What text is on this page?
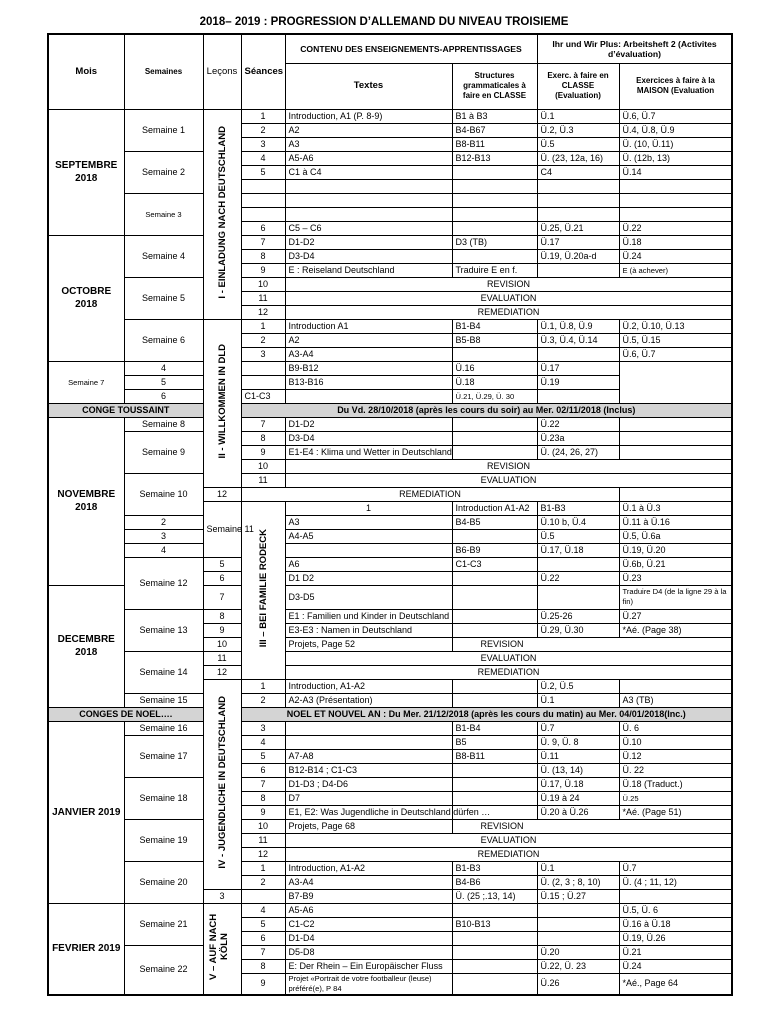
2018– 2019 : PROGRESSION D’ALLEMAND DU NIVEAU TROISIEME
Mois	Semaines	Leçons	Séances	CONTENU DES ENSEIGNEMENTS-APPRENTISSAGES		Ihr und Wir Plus: Arbeitsheft 2 (Activites d’évaluation)		
				Textes	Structures grammaticales à faire en CLASSE	Exerc. à faire en CLASSE (Evaluation)	Exercices à faire à la MAISON (Evaluation	
SEPTEMBRE 2018	Semaine 1	I - EINLADUNG NACH DEUTSCHLAND	1	Introduction, A1 (P. 8-9)	B1 à B3	Ü.1	Ü.6, Ü.7	
			2	A2	B4-B67	Ü.2, Ü.3	Ü.4, Ü.8, Ü.9	
			3	A3	B8-B11	Ü.5	Ü. (10, Ü.11)	
	Semaine 2		4	A5-A6	B12-B13	Ü. (23, 12a, 16)	Ü. (12b, 13)	
			5	C1 à C4		C4	Ü.14	

	Semaine 3							

			6	C5 – C6		Ü.25, Ü.21	Ü.22	
OCTOBRE 2018	Semaine 4		7	D1-D2	D3 (TB)	Ü.17	Ü.18	
			8	D3-D4		Ü.19, Ü.20a-d	Ü.24	
			9	E : Reiseland Deutschland	Traduire E en f.		E (à achever)	
	Semaine 5		10	REVISION				
			11	EVALUATION				
			12	REMEDIATION				
	Semaine 6	II - WILLKOMMEN IN DLD	1	Introduction A1	B1-B4	Ü.1, Ü.8, Ü.9	Ü.2, Ü.10, Ü.13	
			2	A2	B5-B8	Ü.3, Ü.4, Ü.14	Ü.5, Ü.15	
			3	A3-A4			Ü.6, Ü.7	
Semaine 7	4			B9-B12	Ü.16	Ü.17		
	5			B13-B16	Ü.18	Ü.19		
	6		C1-C3		Ü.21, Ü.29, Ü. 30			
CONGE TOUSSAINT			Du Vd. 28/10/2018 (après les cours du soir) au Mer. 02/11/2018 (Inclus)					
NOVEMBRE 2018	Semaine 8		7	D1-D2		Ü.22		
	Semaine 9		8	D3-D4		Ü.23a		
			9	E1-E4 : Klima und Wetter in Deutschland		Ü. (24, 26, 27)		
			10	REVISION				
	Semaine 10		11	EVALUATION				
		12	REMEDIATION					
		Semaine 11	III – BEI FAMILIE RODECK	1	Introduction A1-A2	B1-B3	Ü.1 à Ü.3	
	2			A3	B4-B5	Ü.10 b, Ü.4	Ü.11 à Ü.16	
	3			A4-A5		Ü.5	Ü.5, Ü.6a	
	4				B6-B9	Ü.17, Ü.18	Ü.19, Ü.20	
	Semaine 12	5		A6	C1-C3		Ü.6b, Ü.21	
		6		D1 D2		Ü.22	Ü.23	
DECEMBRE 2018		7		D3-D5			Traduire D4 (de la ligne 29 à la fin)	
	Semaine 13	8		E1 : Familien und Kinder in Deutschland		Ü.25-26	Ü.27	
		9		E3-E3 : Namen in Deutschland		Ü.29, Ü.30	*Aé. (Page 38)	
		10		Projets, Page 52	REVISION			
	Semaine 14	11		EVALUATION				
		12		REMEDIATION				
		IV - JUGENDLICHE IN DEUTSCHLAND	1	Introduction, A1-A2		Ü.2, Ü.5		
	Semaine 15		2	A2-A3 (Présentation)		Ü.1	A3 (TB)	
CONGES DE NOEL….			NOEL ET NOUVEL AN : Du Mer. 21/12/2018 (après les cours du matin) au Mer. 04/01/2018(Inc.)					
JANVIER 2019	Semaine 16		3		B1-B4	Ü.7	Ü. 6	
	Semaine 17		4		B5	Ü. 9, Ü. 8	Ü.10	
			5	A7-A8	B8-B11	Ü.11	Ü.12	
			6	B12-B14 ; C1-C3		Ü. (13, 14)	Ü. 22	
	Semaine 18		7	D1-D3 ; D4-D6		Ü.17, Ü.18	Ü.18 (Traduct.)	
			8	D7		Ü.19 à 24	Ü.25	
			9	E1, E2: Was Jugendliche in Deutschland dürfen …		Ü.20 à Ü.26	*Aé. (Page 51)	
	Semaine 19		10	Projets, Page 68	REVISION			
			11	EVALUATION				
			12	REMEDIATION				
	Semaine 20		1	Introduction, A1-A2	B1-B3	Ü.1	Ü.7	
			2	A3-A4	B4-B6	Ü. (2, 3 ; 8, 10)	Ü. (4 ; 11, 12)	
		3		B7-B9	Ü. (25 ;.13, 14)	Ü.15 ; Ü.27		
FEVRIER 2019	Semaine 21	V – AUF NACH KÖLN	4	A5-A6			Ü.5, Ü. 6	
			5	C1-C2	B10-B13		Ü.16 à Ü.18	
			6	D1-D4			Ü.19, Ü.26	
	Semaine 22		7	D5-D8		Ü.20	Ü.21	
			8	E: Der Rhein – Ein Europäischer Fluss		Ü.22, Ü. 23	Ü.24	
			9	Projet «Portrait de votre footballeur (leuse) préféré(e), P 84		Ü.26	*Aé., Page 64	
